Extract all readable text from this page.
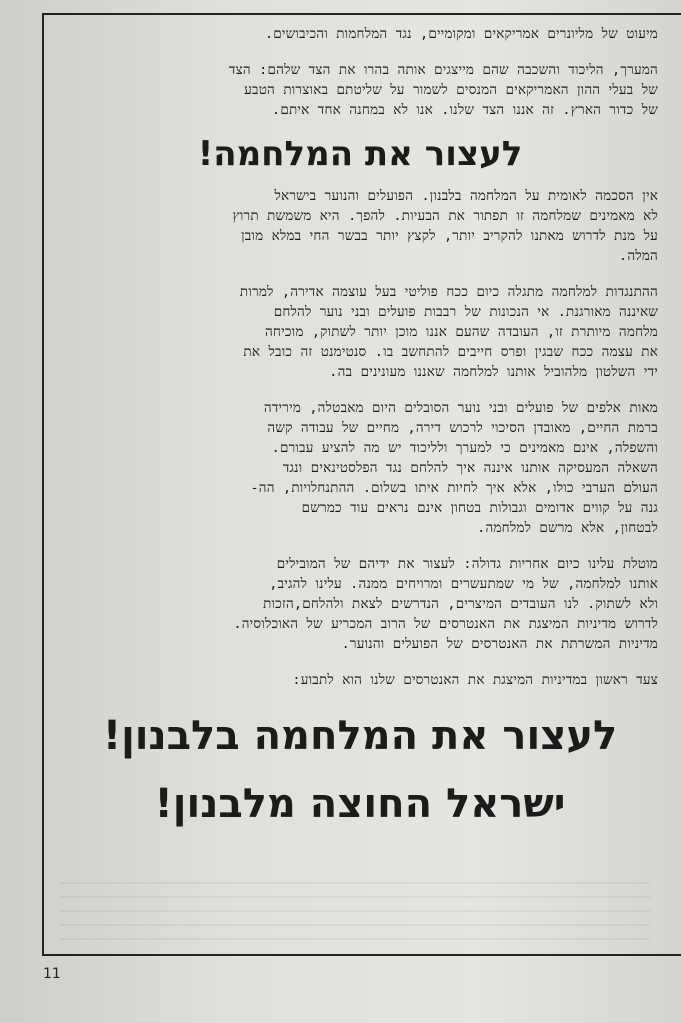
מיעוט של מליונרים אמריקאים ומקומיים, נגד המלחמות והכיבושים.
המערך, הליכוד והשכבה שהם מייצגים אותה בהרו את הצד שלהם: הצד
של בעלי ההון האמריקאים המנסים לשמור על שליטתם באוצרות הטבע
של כדור הארץ. זה אננו הצד שלנו. אנו לא במחנה אחד איתם.
לעצור את המלחמה!
אין הסכמה לאומית על המלחמה בלבנון. הפועלים והנוער בישראל
לא מאמינים שמלחמה זו תפתור את הבעיות. להפך. היא משמשת תרוץ
על מנת לדרוש מאתנו להקריב יותר, לקצץ יותר בבשר החי במלא מובן
המלה.
ההתנגדות למלחמה מתגלה כיום ככח פוליטי בעל עוצמה אדירה, למרות
שאיננה מאורגנת. אי הנכונות של רבבות פועלים ובני נוער להלחם
מלחמה מיותרת זו, העובדה שהעם אננו מוכן יותר לשתוק, מוכיחה
את עצמה ככח שבגין ופרס חייבים להתחשב בו. סנטימנט זה כובל את
ידי השלטון מלהוביל אותנו למלחמה שאננו מעונינים בה.
מאות אלפים של פועלים ובני נוער הסובלים היום מאבטלה, מירידה
ברמת החיים, מאובדן הסיכוי לרכוש דירה, מחיים של עבודה קשה
והשפלה, אינם מאמינים כי למערך ולליכוד יש מה להציע עבורם.
השאלה המעסיקה אותנו איננה איך להלחם נגד הפלסטינאים ונגד
העולם הערבי כולו, אלא איך לחיות איתו בשלום. ההתנחלויות, הה-
גנה על קווים אדומים וגבולות בטחון אינם נראים עוד כמרשם
לבטחון, אלא מרשם למלחמה.
מוטלת עלינו כיום אחריות גדולה: לעצור את ידיהם של המובילים
אותנו למלחמה, של מי שמתעשרים ומרויחים ממנה. עלינו להגיב,
ולא לשתוק. לנו העובדים המיצרים, הנדרשים לצאת ולהלחם,הזכות
לדרוש מדיניות המיצגת את האנטרסים של הרוב המכריע של האוכלוסיה.
מדיניות המשרתת את האנטרסים של הפועלים והנוער.
צעד ראשון במדיניות המיצגת את האנטרסים שלנו הוא לתבוע:
לעצור את המלחמה בלבנון!
ישראל החוצה מלבנון!
11
